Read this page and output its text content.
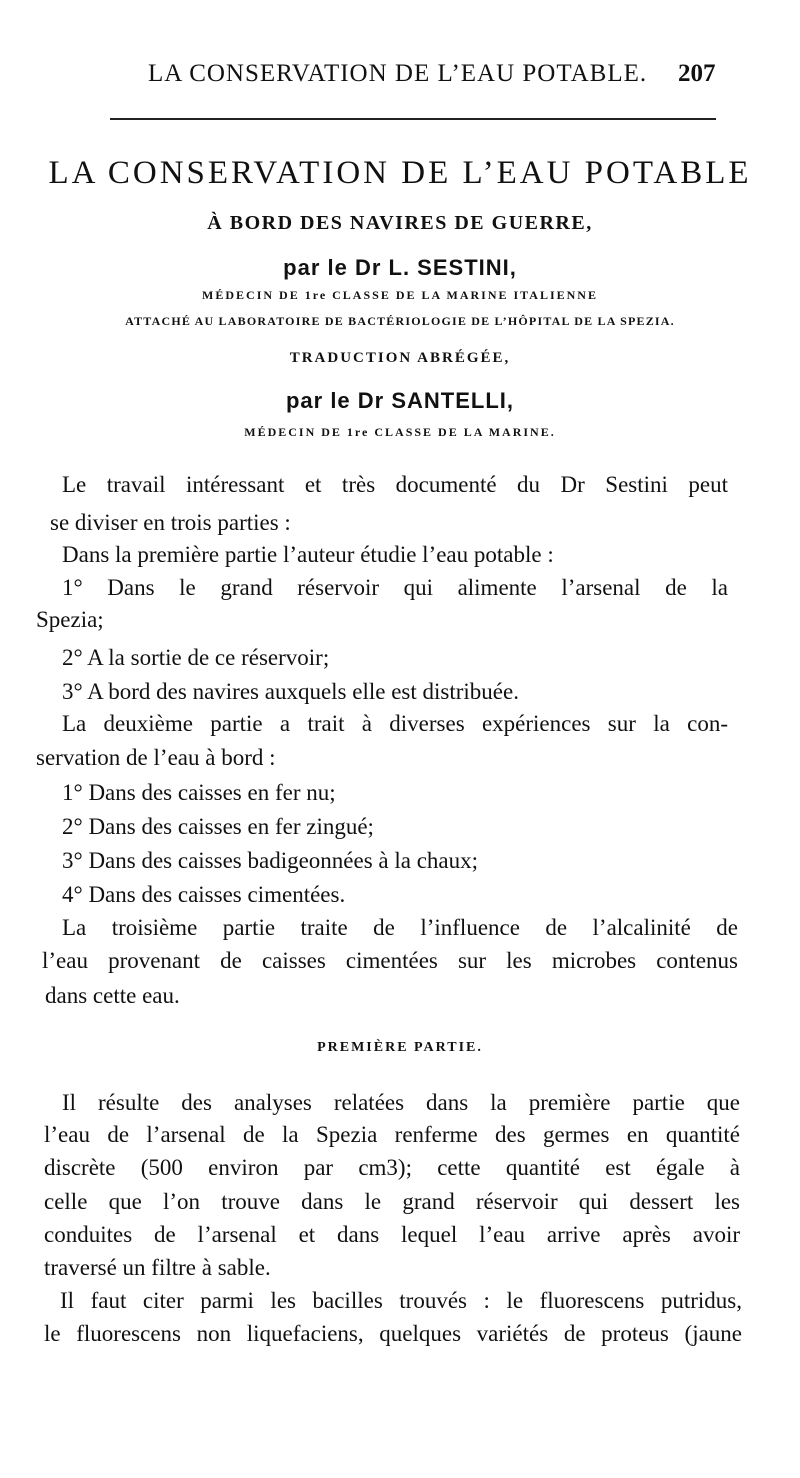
LA CONSERVATION DE L’EAU POTABLE. 207
LA CONSERVATION DE L’EAU POTABLE
À BORD DES NAVIRES DE GUERRE,
par le Dr L. SESTINI,
MÉDECIN DE 1re CLASSE DE LA MARINE ITALIENNE
ATTACHÉ AU LABORATOIRE DE BACTÉRIOLOGIE DE L’HÔPITAL DE LA SPEZIA.
TRADUCTION ABRÉGÉE,
par le Dr SANTELLI,
MÉDECIN DE 1re CLASSE DE LA MARINE.
Le travail intéressant et très documenté du Dr Sestini peut
se diviser en trois parties :
Dans la première partie l’auteur étudie l’eau potable :
1° Dans le grand réservoir qui alimente l’arsenal de la
Spezia;
2° A la sortie de ce réservoir;
3° A bord des navires auxquels elle est distribuée.
La deuxième partie a trait à diverses expériences sur la con-
servation de l’eau à bord :
1° Dans des caisses en fer nu;
2° Dans des caisses en fer zingué;
3° Dans des caisses badigeonnées à la chaux;
4° Dans des caisses cimentées.
La troisième partie traite de l’influence de l’alcalinité de
l’eau provenant de caisses cimentées sur les microbes contenus
dans cette eau.
PREMIÈRE PARTIE.
Il résulte des analyses relatées dans la première partie que
l’eau de l’arsenal de la Spezia renferme des germes en quantité
discrète (500 environ par cm3); cette quantité est égale à
celle que l’on trouve dans le grand réservoir qui dessert les
conduites de l’arsenal et dans lequel l’eau arrive après avoir
traversé un filtre à sable.
Il faut citer parmi les bacilles trouvés : le fluorescens putridus,
le fluorescens non liquefaciens, quelques variétés de proteus (jaune
